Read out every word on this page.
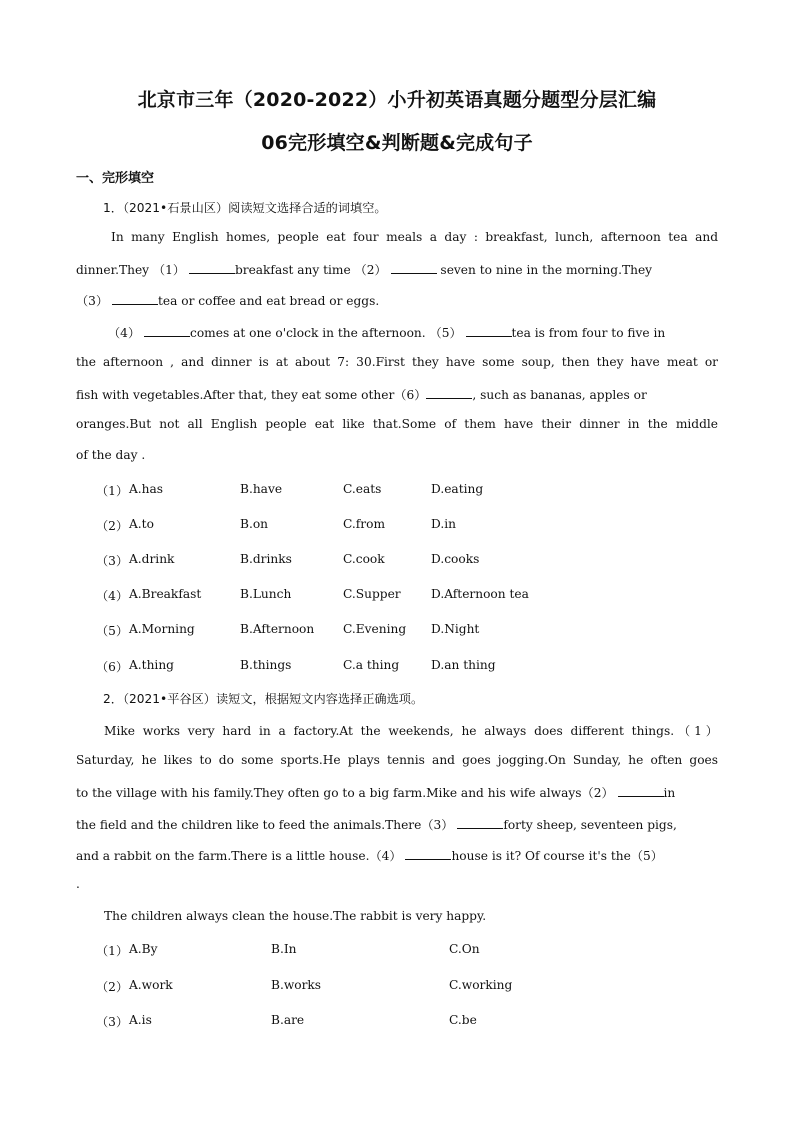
北京市三年（2020-2022）小升初英语真题分题型分层汇编
06完形填空&判断题&完成句子
一、完形填空
1．（2021•石景山区）阅读短文选择合适的词填空。
In many English homes, people eat four meals a day : breakfast, lunch, afternoon tea and
dinner.They （1）	breakfast any time （2）	seven to nine in the morning.They
（3）	tea or coffee and eat bread or eggs.
（4）	comes at one o'clock in the afternoon. （5）	tea is from four to five in
the afternoon , and dinner is at about 7: 30.First they have some soup, then they have meat or
fish with vegetables.After that, they eat some other（6）	, such as bananas, apples or
oranges.But not all English people eat like that.Some of them have their dinner in the middle
of the day .
（1） A.has	B.have	C.eats	D.eating
（2） A.to	B.on	C.from	D.in
（3） A.drink	B.drinks	C.cook	D.cooks
（4） A.Breakfast	B.Lunch	C.Supper D.Afternoon tea
（5） A.Morning	B.Afternoon C.Evening D.Night
（6） A.thing	B.things	C.a thing	D.an thing
2．（2021•平谷区）读短文，根据短文内容选择正确选项。
Mike works very hard in a factory.At the weekends, he always does different things.（1）
Saturday, he likes to do some sports.He plays tennis and goes jogging.On Sunday, he often goes
to the village with his family.They often go to a big farm.Mike and his wife always（2）	in
the field and the children like to feed the animals.There（3）	forty sheep, seventeen pigs,
and a rabbit on the farm.There is a little house.（4）	house is it? Of course it's the（5）
.
The children always clean the house.The rabbit is very happy.
（1） A.By	B.In	C.On
（2） A.work	B.works	C.working
（3） A.is	B.are	C.be
